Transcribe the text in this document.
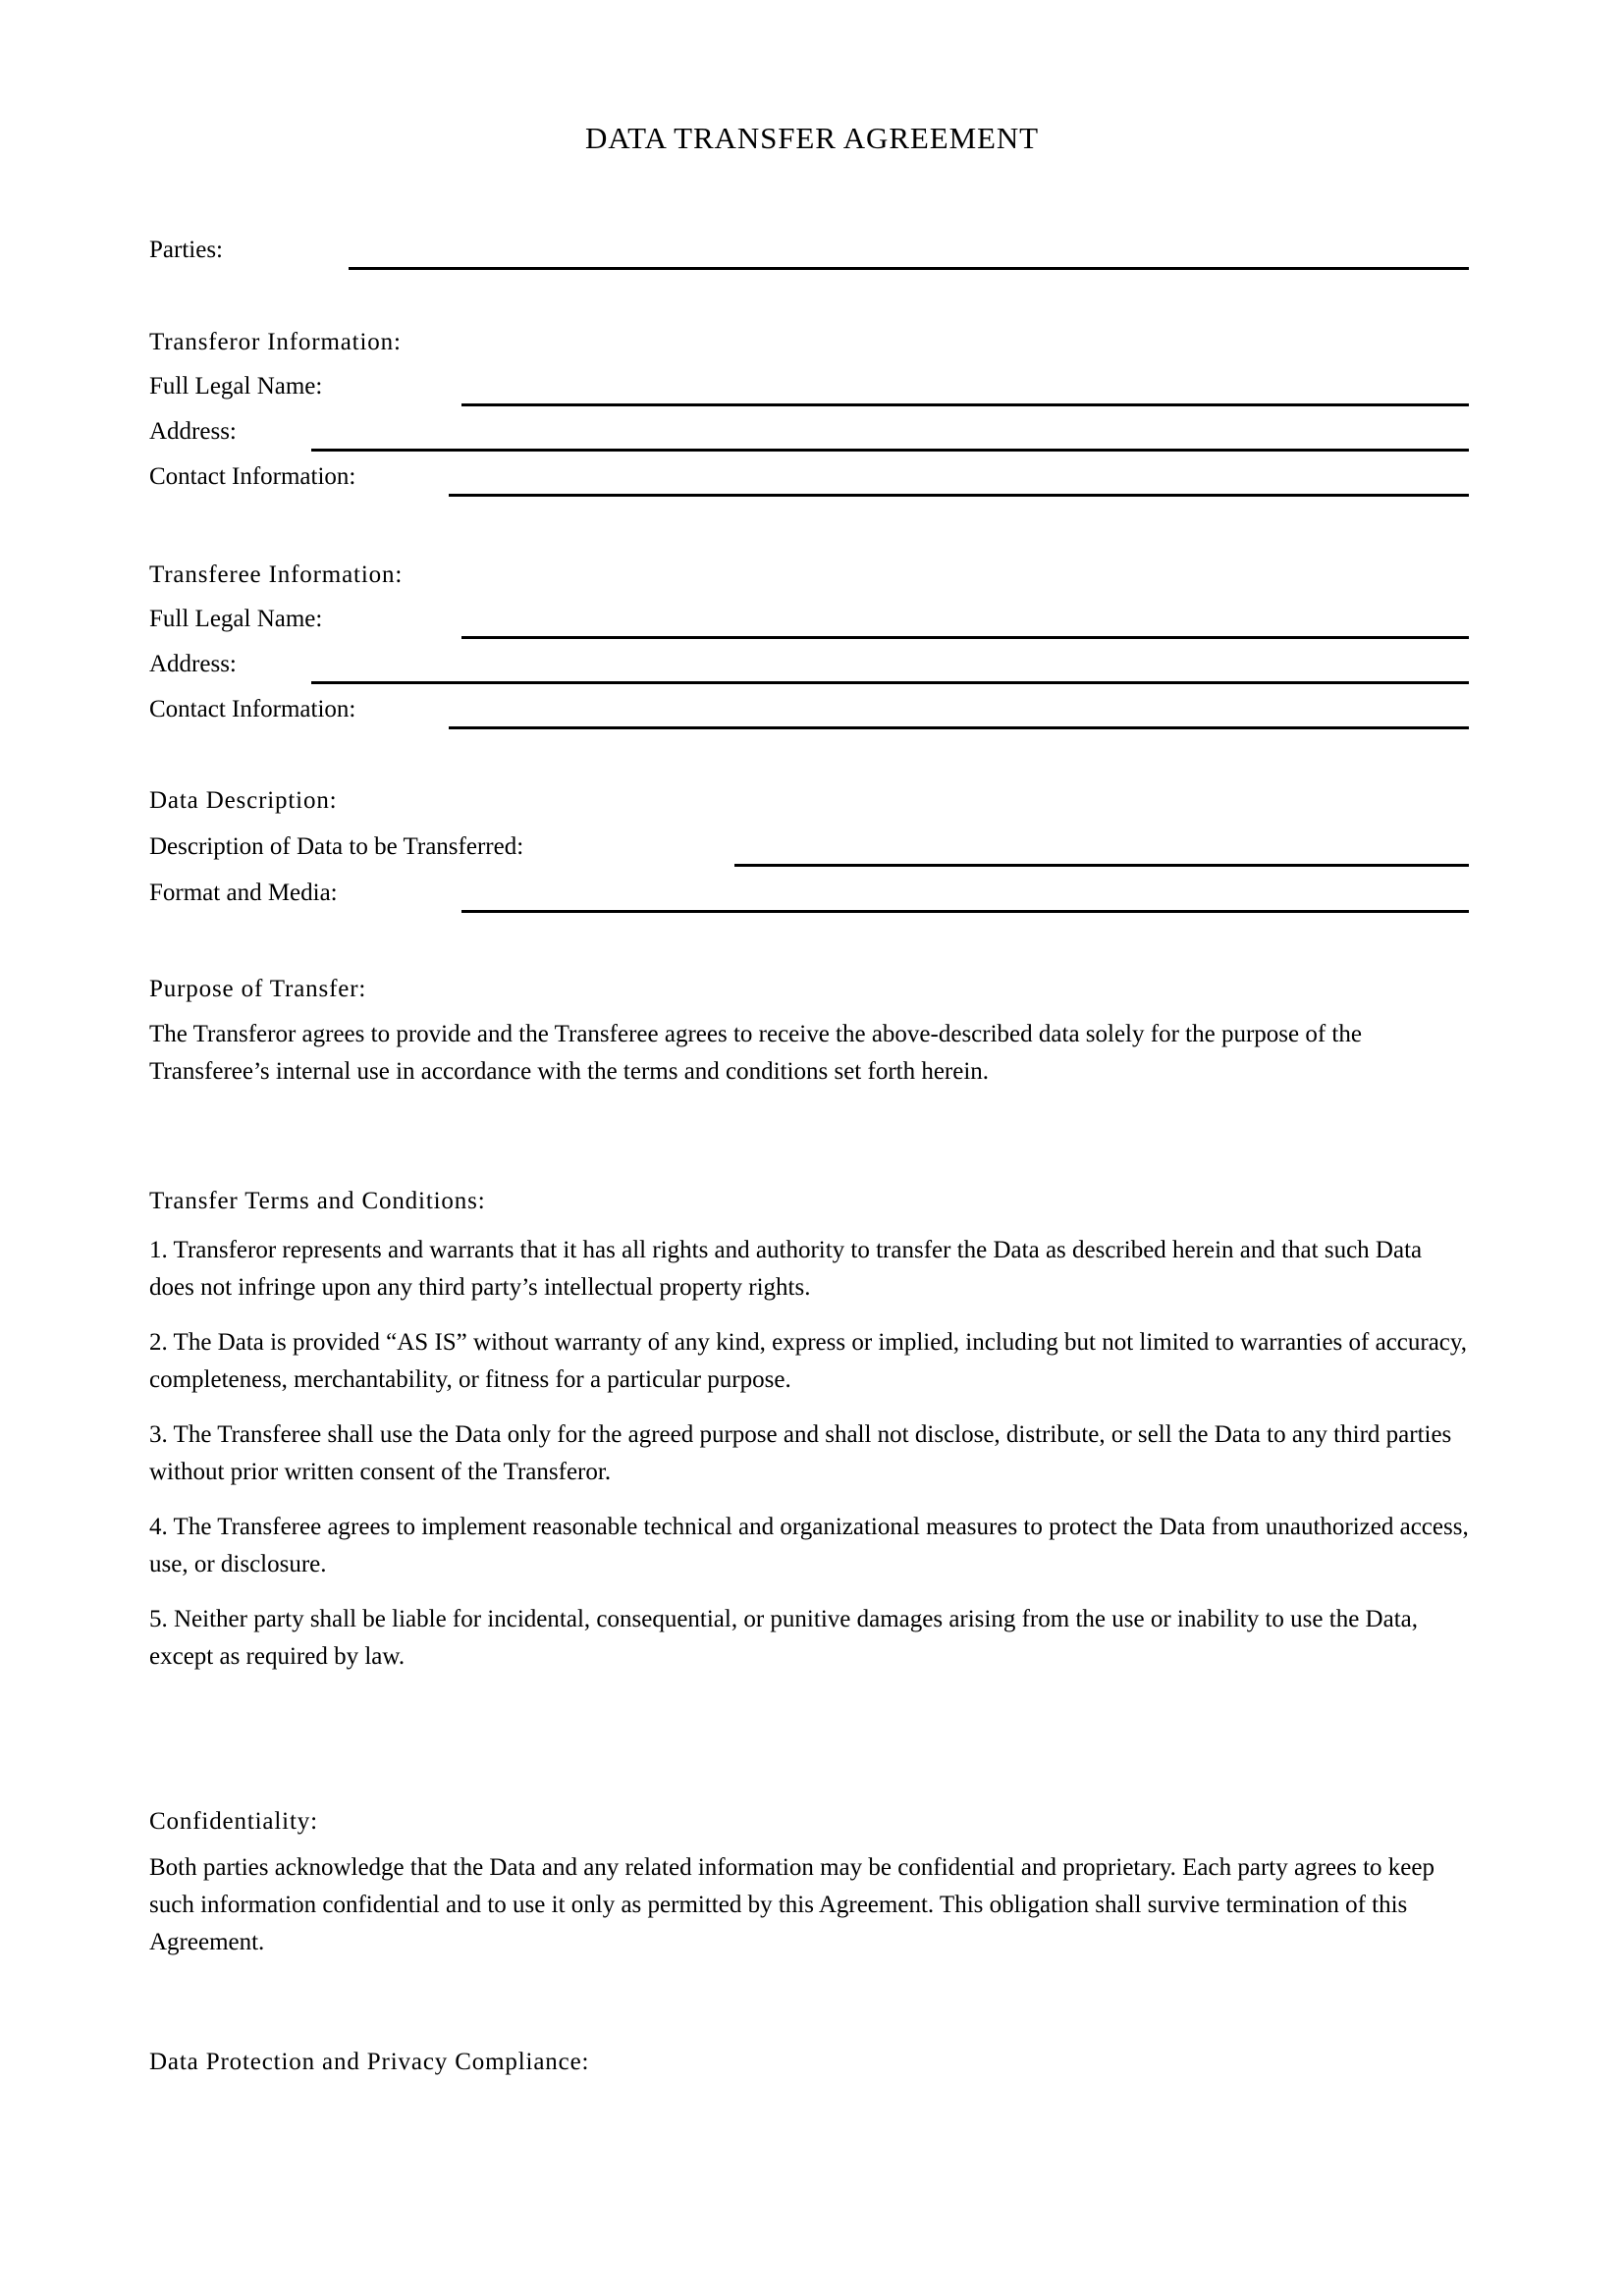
DATA TRANSFER AGREEMENT
Parties:
Transferor Information:
Full Legal Name:
Address:
Contact Information:
Transferee Information:
Full Legal Name:
Address:
Contact Information:
Data Description:
Description of Data to be Transferred:
Format and Media:
Purpose of Transfer:
The Transferor agrees to provide and the Transferee agrees to receive the above-described data solely for the purpose of the Transferee’s internal use in accordance with the terms and conditions set forth herein.
Transfer Terms and Conditions:
1. Transferor represents and warrants that it has all rights and authority to transfer the Data as described herein and that such Data does not infringe upon any third party’s intellectual property rights.
2. The Data is provided “AS IS” without warranty of any kind, express or implied, including but not limited to warranties of accuracy, completeness, merchantability, or fitness for a particular purpose.
3. The Transferee shall use the Data only for the agreed purpose and shall not disclose, distribute, or sell the Data to any third parties without prior written consent of the Transferor.
4. The Transferee agrees to implement reasonable technical and organizational measures to protect the Data from unauthorized access, use, or disclosure.
5. Neither party shall be liable for incidental, consequential, or punitive damages arising from the use or inability to use the Data, except as required by law.
Confidentiality:
Both parties acknowledge that the Data and any related information may be confidential and proprietary. Each party agrees to keep such information confidential and to use it only as permitted by this Agreement. This obligation shall survive termination of this Agreement.
Data Protection and Privacy Compliance:
